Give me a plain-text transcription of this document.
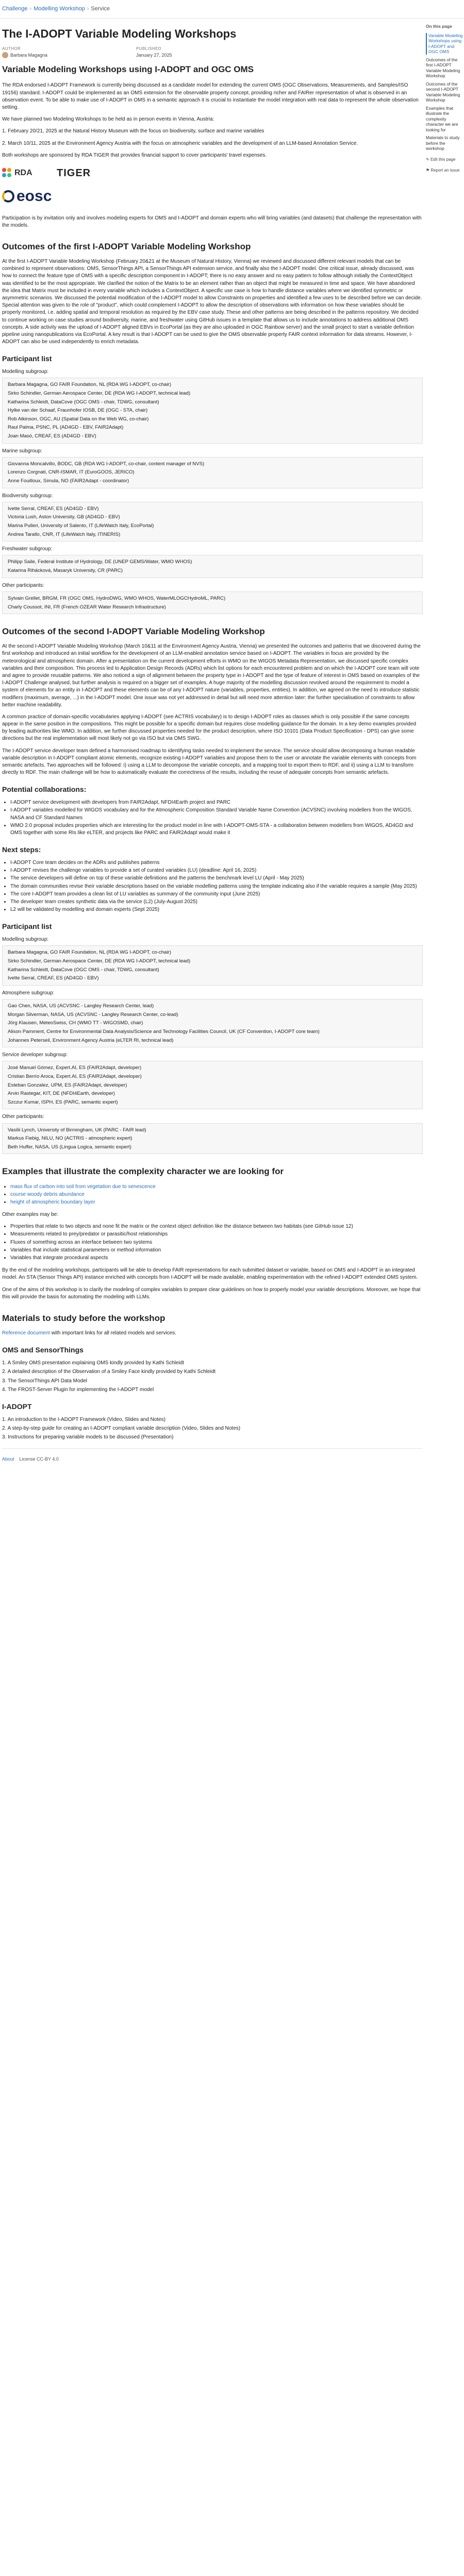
Challenge › Modelling Workshop › Service
On this page
Variable Modeling Workshops using I-ADOPT and OGC OMS
Outcomes of the first I-ADOPT Variable Modeling Workshop
Outcomes of the second I-ADOPT Variable Modeling Workshop
Examples that illustrate the complexity character we are looking for
Materials to study before the workshop
✎ Edit this page
⚑ Report an issue
The I-ADOPT Variable Modeling Workshops
AUTHOR
Barbara Magagna
PUBLISHED
January 27, 2025
Variable Modeling Workshops using I-ADOPT and OGC OMS

The RDA endorsed I-ADOPT Framework is currently being discussed as a candidate model for extending the current OMS (OGC Observations, Measurements, and Samples/ISO 19156) standard. I-ADOPT could be implemented as an OMS extension for the observable property concept, providing richer and FAIRer representation of what is observed in an observation event. To be able to make use of I-ADOPT in OMS in a semantic approach it is crucial to instantiate the model integration with real data to represent the whole observation setting.

We have planned two Modeling Workshops to be held as in person events in Vienna, Austria:

1. February 20/21, 2025 at the Natural History Museum with the focus on biodiversity, surface and marine variables

2. March 10/11, 2025 at the Environment Agency Austria with the focus on atmospheric variables and the development of an LLM-based Annotation Service.

Both workshops are sponsored by RDA TIGER that provides financial support to cover participants' travel expenses.

RDA TIGER
eosc

Participation is by invitation only and involves modeling experts for OMS and I-ADOPT and domain experts who will bring variables (and datasets) that challenge the representation with the models.

Outcomes of the first I-ADOPT Variable Modeling Workshop

At the first I-ADOPT Variable Modeling Workshop (February 20&21 at the Museum of Natural History, Vienna) we reviewed and discussed different relevant models that can be combined to represent observations: OMS, SensorThings API, a SensorThings API extension service, and finally also the I-ADOPT model. One critical issue, already discussed, was how to connect the feature type of OMS with a specific description component in I-ADOPT; there is no easy answer and no easy pattern to follow although initially the ContextObject was identified to be the most appropriate. We clarified the notion of the Matrix to be an element rather than an object that might be measured in time and space. We have abandoned the idea that Matrix must be included in every variable which includes a ContextObject. A specific use case is how to handle distance variables where we identified symmetric or asymmetric scenarios. We discussed the potential modification of the I-ADOPT model to allow Constraints on properties and identified a few uses to be described before we can decide. Special attention was given to the role of "product", which could complement I-ADOPT to allow the description of observations with information on how these variables should be properly monitored, i.e. adding spatial and temporal resolution as required by the EBV case study. These and other patterns are being described in the patterns repository. We decided to continue working on case studies around biodiversity, marine, and freshwater using GitHub issues in a template that allows us to include annotations to address additional OMS concepts. A side activity was the upload of I-ADOPT aligned EBVs in EcoPortal (as they are also uploaded in OGC Rainbow server) and the small project to start a variable definition pipeline using nanopublications via EcoPortal. A key result is that I-ADOPT can be used to give the OMS observable property FAIR context information for data streams. However, I-ADOPT can also be used independently to enrich metadata.

Participant list
Modelling subgroup:
Barbara Magagna, GO FAIR Foundation, NL (RDA WG I-ADOPT, co-chair)
Sirko Schindler, German Aerospace Center, DE (RDA WG I-ADOPT, technical lead)
Katharina Schleidt, DataCove (OGC OMS - chair, TDWG, consultant)
Hylke van der Schaaf, Fraunhofer IOSB, DE (OGC - STA, chair)
Rob Atkinson, OGC, AU (Spatial Data on the Web WG, co-chair)
Raul Palma, PSNC, PL (AD4GD - EBV, FAIR2Adapt)
Joan Masó, CREAF, ES (AD4GD - EBV)
Marine subgroup:
Giovanna Moncalvillo, BODC, GB (RDA WG I-ADOPT, co-chair, content manager of NVS)
Lorenzo Corgnati, CNR-ISMAR, IT (EuroGOOS, JERICO)
Anne Fouilloux, Simula, NO (FAIR2Adapt - coordinator)
Biodiversity subgroup:
Ivette Serral, CREAF, ES (AD4GD - EBV)
Victoria Lush, Aston University, GB (AD4GD - EBV)
Marina Pulleri, University of Salento, IT (LifeWatch Italy, EcoPortal)
Andrea Tarallo, CNR, IT (LifeWatch Italy, ITINERIS)
Freshwater subgroup:
Philipp Saile, Federal Institute of Hydrology, DE (UNEP GEMS/Water, WMO WHOS)
Katarina Rihácková, Masaryk University, CR (PARC)
Other participants:
Sylvain Grellet, BRGM, FR (OGC OMS, HydroDWG, WMO WHOS, WaterMLOGCHydroML, PARC)
Charly Coussot, INI, FR (French OZEAR Water Research Infrastructure)
Outcomes of the second I-ADOPT Variable Modeling Workshop

At the second I-ADOPT Variable Modeling Workshop (March 10&11 at the Environment Agency Austria, Vienna) we presented the outcomes and patterns that we discovered during the first workshop and introduced an initial workflow for the development of an LLM-enabled annotation service based on I-ADOPT. The variables in focus are provided by the meteorological and atmospheric domain. After a presentation on the current development efforts in WMO on the WIGOS Metadata Representation, we discussed specific complex variables and their composition. This process led to Application Design Records (ADRs) which list options for each encountered problem and on which the I-ADOPT core team will vote and agree to provide reusable patterns. We also noticed a sign of alignment between the property type in I-ADOPT and the type of feature of interest in OMS based on examples of the I-ADOPT Challenge analysed, but further analysis is required on a bigger set of examples. A huge majority of the modelling discussion revolved around the requirement to model a system of elements for an entity in I-ADOPT and these elements can be of any I-ADOPT nature (variables, properties, entities). In addition, we agreed on the need to introduce statistic modifiers (maximum, average, ...) in the I-ADOPT model. One issue was not yet addressed in detail but will need more attention later: the further specialisation of constraints to allow better machine readability.

A common practice of domain-specific vocabularies applying I-ADOPT (see ACTRIS vocabulary) is to design I-ADOPT roles as classes which is only possible if the same concepts appear in the same position in the compositions. This might be possible for a specific domain but requires close modelling guidance for the domain. In a key demo examples provided by leading authorities like WMO. In addition, we further discussed properties needed for the product description, where ISO 10101 (Data Product Specification - DPS) can give some directions but the real implementation will most likely not go via ISO but via OMS SWG.

The I-ADOPT service developer team defined a harmonised roadmap to identifying tasks needed to implement the service. The service should allow decomposing a human readable variable description in I-ADOPT compliant atomic elements, recognize existing I-ADOPT variables and propose them to the user or annotate the variable elements with concepts from semantic artefacts. Two approaches will be followed: i) using a LLM to decompose the variable concepts, and a mapping tool to export them to RDF, and ii) using a LLM to transform directly to RDF. The main challenge will be how to automatically evaluate the correctness of the results, including the reuse of adequate concepts from semantic artefacts.

Potential collaborations:
• I-ADOPT service development with developers from FAIR2Adapt, NFDI4Earth project and PARC
• I-ADOPT variables modelled for WIGOS vocabulary and for the Atmospheric Composition Standard Variable Name Convention (ACVSNC) involving modellers from the WIGOS, NASA and CF Standard Names
• WMO 2.0 proposal includes properties which are interesting for the product model in line with I-ADOPT-OMS-STA - a collaboration between modellers from WIGOS, AD4GD and OMS together with some RIs like eLTER, and projects like PARC and FAIR2Adapt would make it
Next steps:
• I-ADOPT Core team decides on the ADRs and publishes patterns
• I-ADOPT revises the challenge variables to provide a set of curated variables (LU) (deadline: April 16, 2025)
• The service developers will define on top of these variable definitions and the patterns the benchmark level LU (April - May 2025)
• The domain communities revise their variable descriptions based on the variable modelling patterns using the template indicating also if the variable requires a sample (May 2025)
• The core I-ADOPT team provides a clean list of LU variables as summary of the community input (June 2025)
• The developer team creates synthetic data via the service (L2) (July-August 2025)
• L2 will be validated by modelling and domain experts (Sept 2025)
Participant list
Modelling subgroup:
Barbara Magagna, GO FAIR Foundation, NL (RDA WG I-ADOPT, co-chair)
Sirko Schindler, German Aerospace Center, DE (RDA WG I-ADOPT, technical lead)
Katharina Schleidt, DataCove (OGC OMS - chair, TDWG, consultant)
Ivette Serral, CREAF, ES (AD4GD - EBV)
Atmosphere subgroup:
Gao Chen, NASA, US (ACVSNC - Langley Research Center, lead)
Morgan Silverman, NASA, US (ACVSNC - Langley Research Center, co-lead)
Jörg Klausen, MeteoSwiss, CH (WMO TT - WIGOSMD, chair)
Alison Pamment, Centre for Environmental Data Analysis/Science and Technology Facilities Council, UK (CF Convention, I-ADOPT core team)
Johannes Peterseil, Environment Agency Austria (eLTER RI, technical lead)
Service developer subgroup:
José Manuel Gómez, Expert.AI, ES (FAIR2Adapt, developer)
Cristian Berrío Aroca, Expert.AI, ES (FAIR2Adapt, developer)
Esteban Gonzalez, UPM, ES (FAIR2Adapt, developer)
Arvin Rastegar, KIT, DE (NFDI4Earth, developer)
Szczur Kumar, ISPH, ES (PARC, semantic expert)
Other participants:
Vasilii Lynch, University of Birmingham, UK (PARC - FAIR lead)
Markus Fiebig, NILU, NO (ACTRIS - atmospheric expert)
Beth Huffer, NASA, US (Lingua Logica, semantic expert)
Examples that illustrate the complexity character we are looking for
• mass flux of carbon into soil from vegetation due to senescence
• course woody debris abundance
• height of atmospheric boundary layer

Other examples may be:

• Properties that relate to two objects and none fit the matrix or the context object definition like the distance between two habitats (see GitHub issue 12)
• Measurements related to prey/predator or parasitic/host relationships
• Fluxes of something across an interface between two systems
• Variables that include statistical parameters or method information
• Variables that integrate procedural aspects

By the end of the modeling workshops, participants will be able to develop FAIR representations for each submitted dataset or variable, based on OMS and I-ADOPT in an integrated model. An STA (Sensor Things API) instance enriched with concepts from I-ADOPT will be made available, enabling experimentation with the refined I-ADOPT extended OMS system.

One of the aims of this workshop is to clarify the modeling of complex variables to prepare clear guidelines on how to properly model your variable descriptions. Moreover, we hope that this will provide the basis for automating the modeling with LLMs.

Materials to study before the workshop

Reference document with important links for all related models and services.

OMS and SensorThings
1. A Smiley OMS presentation explaining OMS kindly provided by Kathi Schleidt
2. A detailed description of the Observation of a Smiley Face kindly provided by Kathi Schleidt
3. The SensorThings API Data Model
4. The FROST-Server Plugin for implementing the I-ADOPT model
I-ADOPT
1. An introduction to the I-ADOPT Framework (Video, Slides and Notes)
2. A step-by-step guide for creating an I-ADOPT compliant variable description (Video, Slides and Notes)
3. Instructions for preparing variable models to be discussed (Presentation)
About License CC-BY 4.0
